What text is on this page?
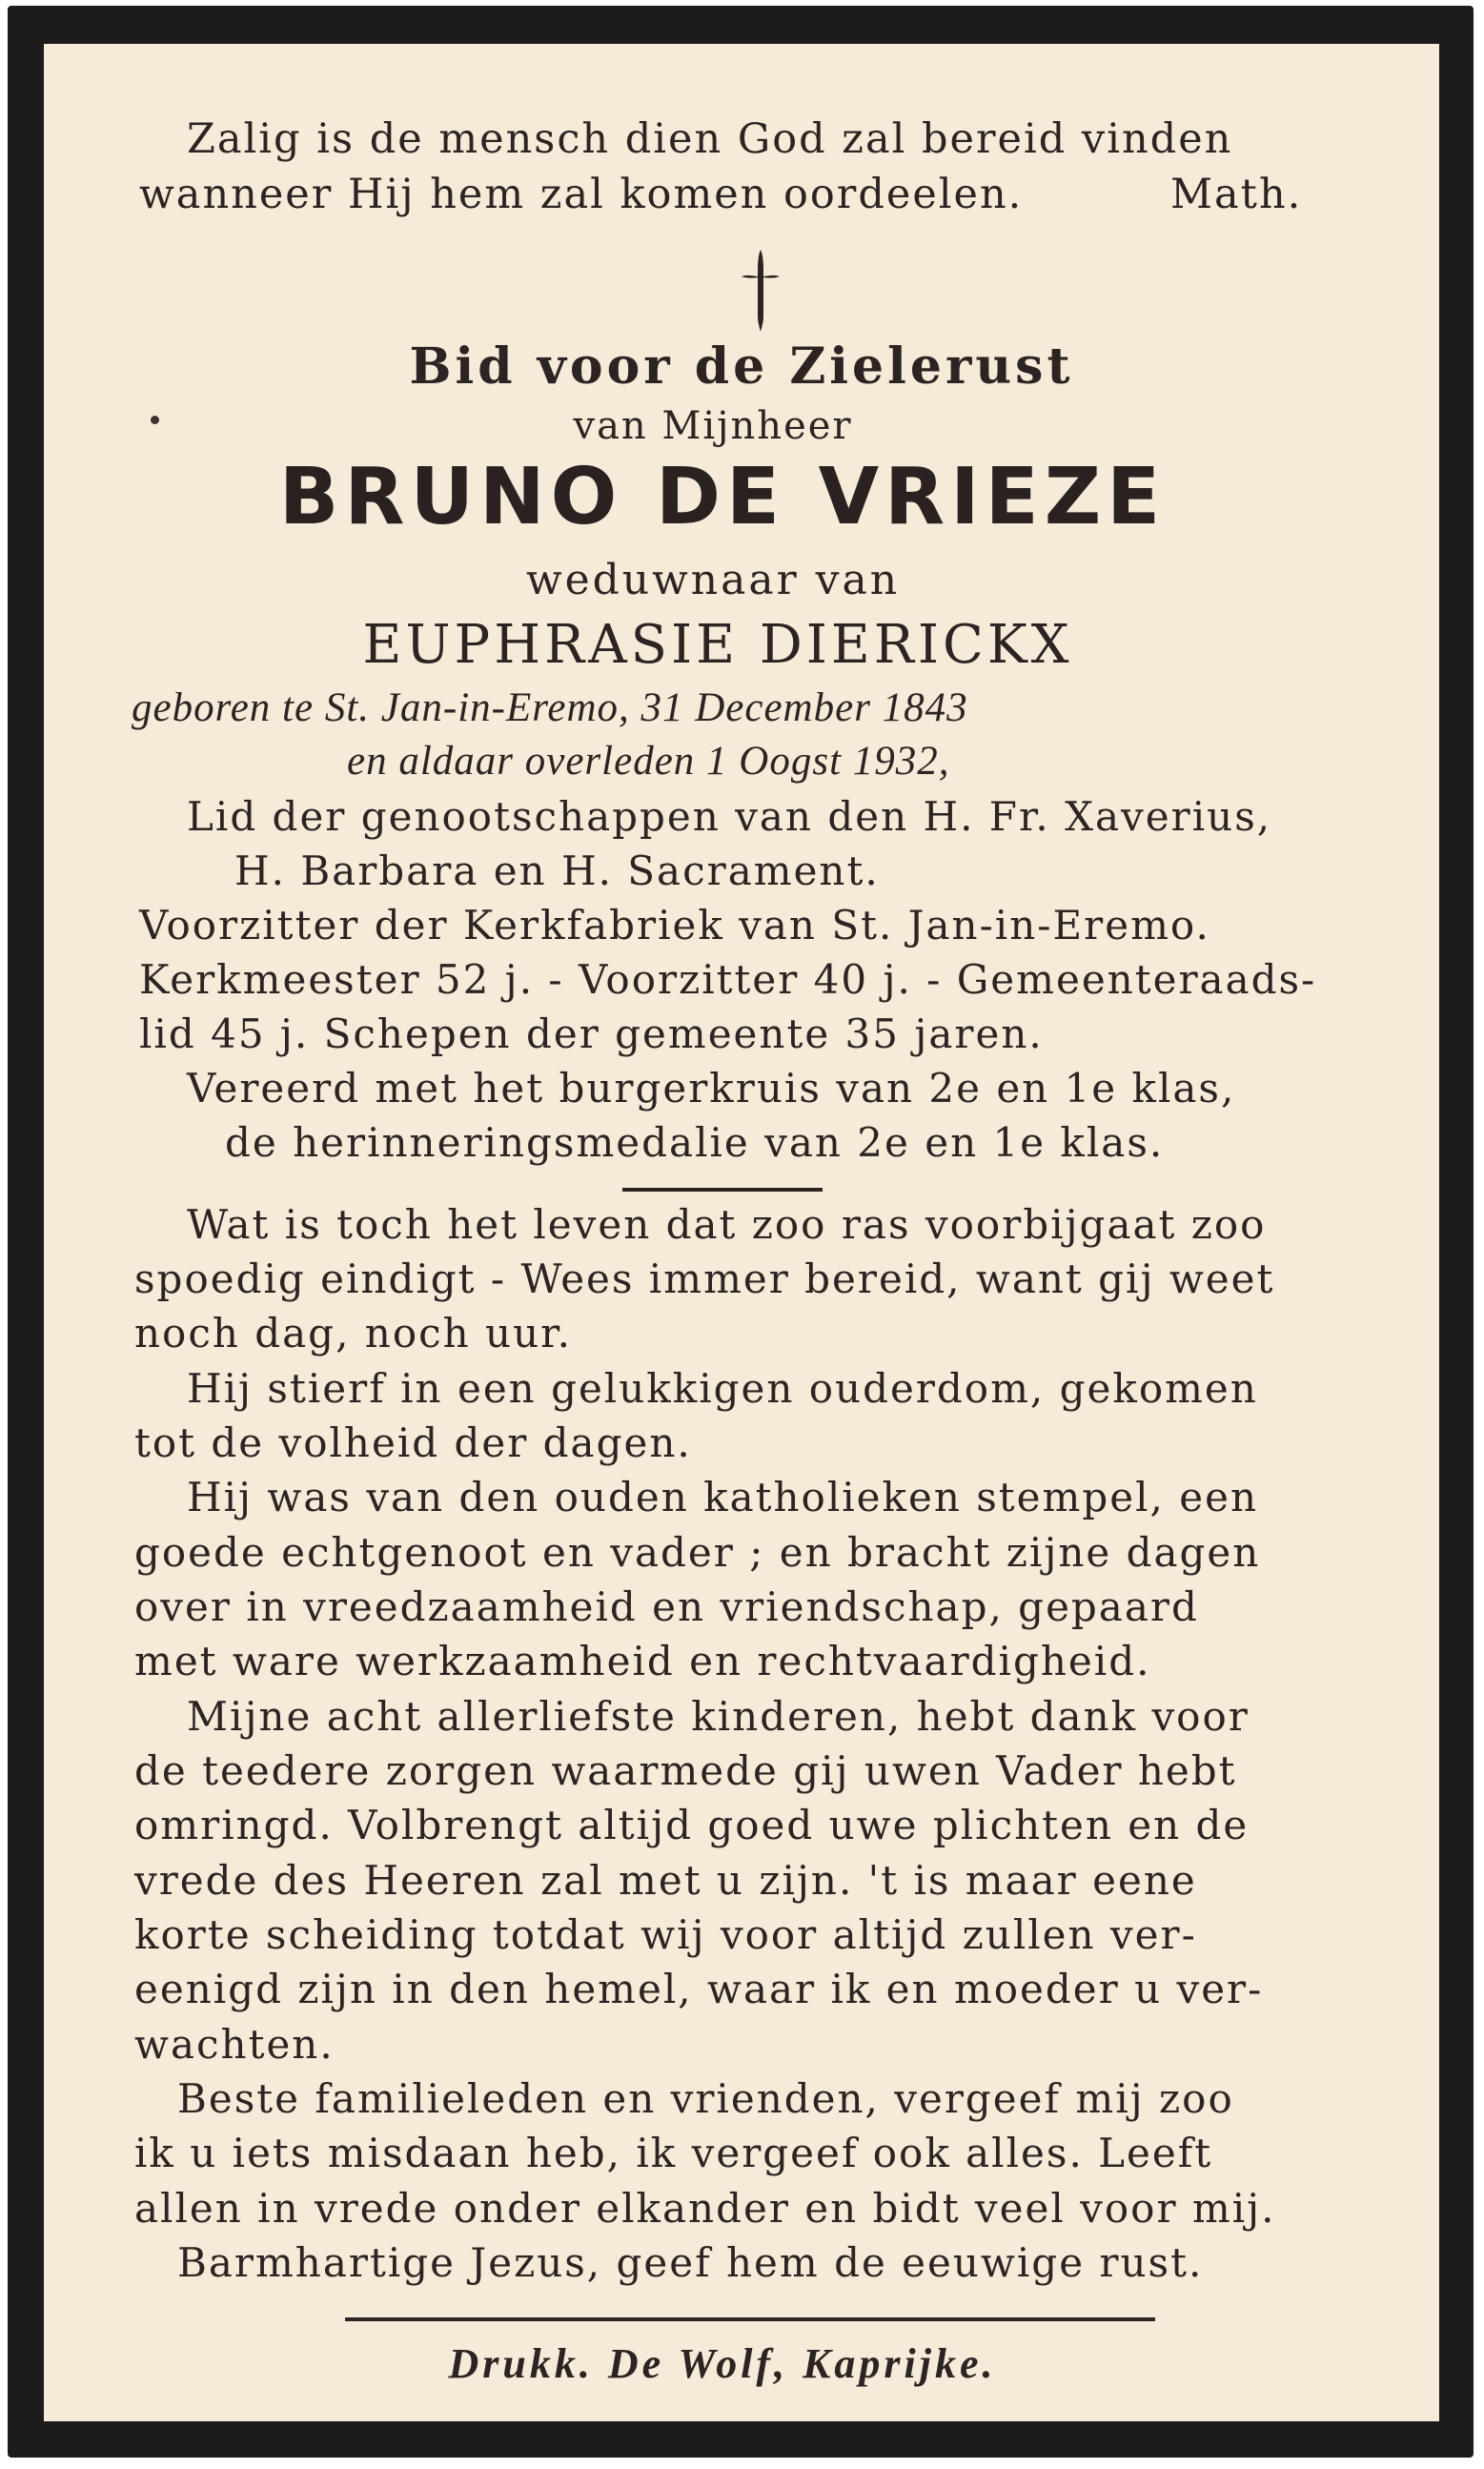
Zalig is de mensch dien God zal bereid vinden
wanneer Hij hem zal komen oordeelen.	Math.
Bid voor de Zielerust
van Mijnheer
BRUNO DE VRIEZE
weduwnaar van
EUPHRASIE DIERICKX
geboren te St. Jan-in-Eremo, 31 December 1843
en aldaar overleden 1 Oogst 1932,
Lid der genootschappen van den H. Fr. Xaverius,
H. Barbara en H. Sacrament.
Voorzitter der Kerkfabriek van St. Jan-in-Eremo.
Kerkmeester 52 j. - Voorzitter 40 j. - Gemeenteraads-
lid 45 j. Schepen der gemeente 35 jaren.
Vereerd met het burgerkruis van 2e en 1e klas,
de herinneringsmedalie van 2e en 1e klas.
Wat is toch het leven dat zoo ras voorbijgaat zoo
spoedig eindigt - Wees immer bereid, want gij weet
noch dag, noch uur.
Hij stierf in een gelukkigen ouderdom, gekomen
tot de volheid der dagen.
Hij was van den ouden katholieken stempel, een
goede echtgenoot en vader ; en bracht zijne dagen
over in vreedzaamheid en vriendschap, gepaard
met ware werkzaamheid en rechtvaardigheid.
Mijne acht allerliefste kinderen, hebt dank voor
de teedere zorgen waarmede gij uwen Vader hebt
omringd. Volbrengt altijd goed uwe plichten en de
vrede des Heeren zal met u zijn. 't is maar eene
korte scheiding totdat wij voor altijd zullen ver-
eenigd zijn in den hemel, waar ik en moeder u ver-
wachten.
Beste familieleden en vrienden, vergeef mij zoo
ik u iets misdaan heb, ik vergeef ook alles. Leeft
allen in vrede onder elkander en bidt veel voor mij.
Barmhartige Jezus, geef hem de eeuwige rust.
Drukk. De Wolf, Kaprijke.
